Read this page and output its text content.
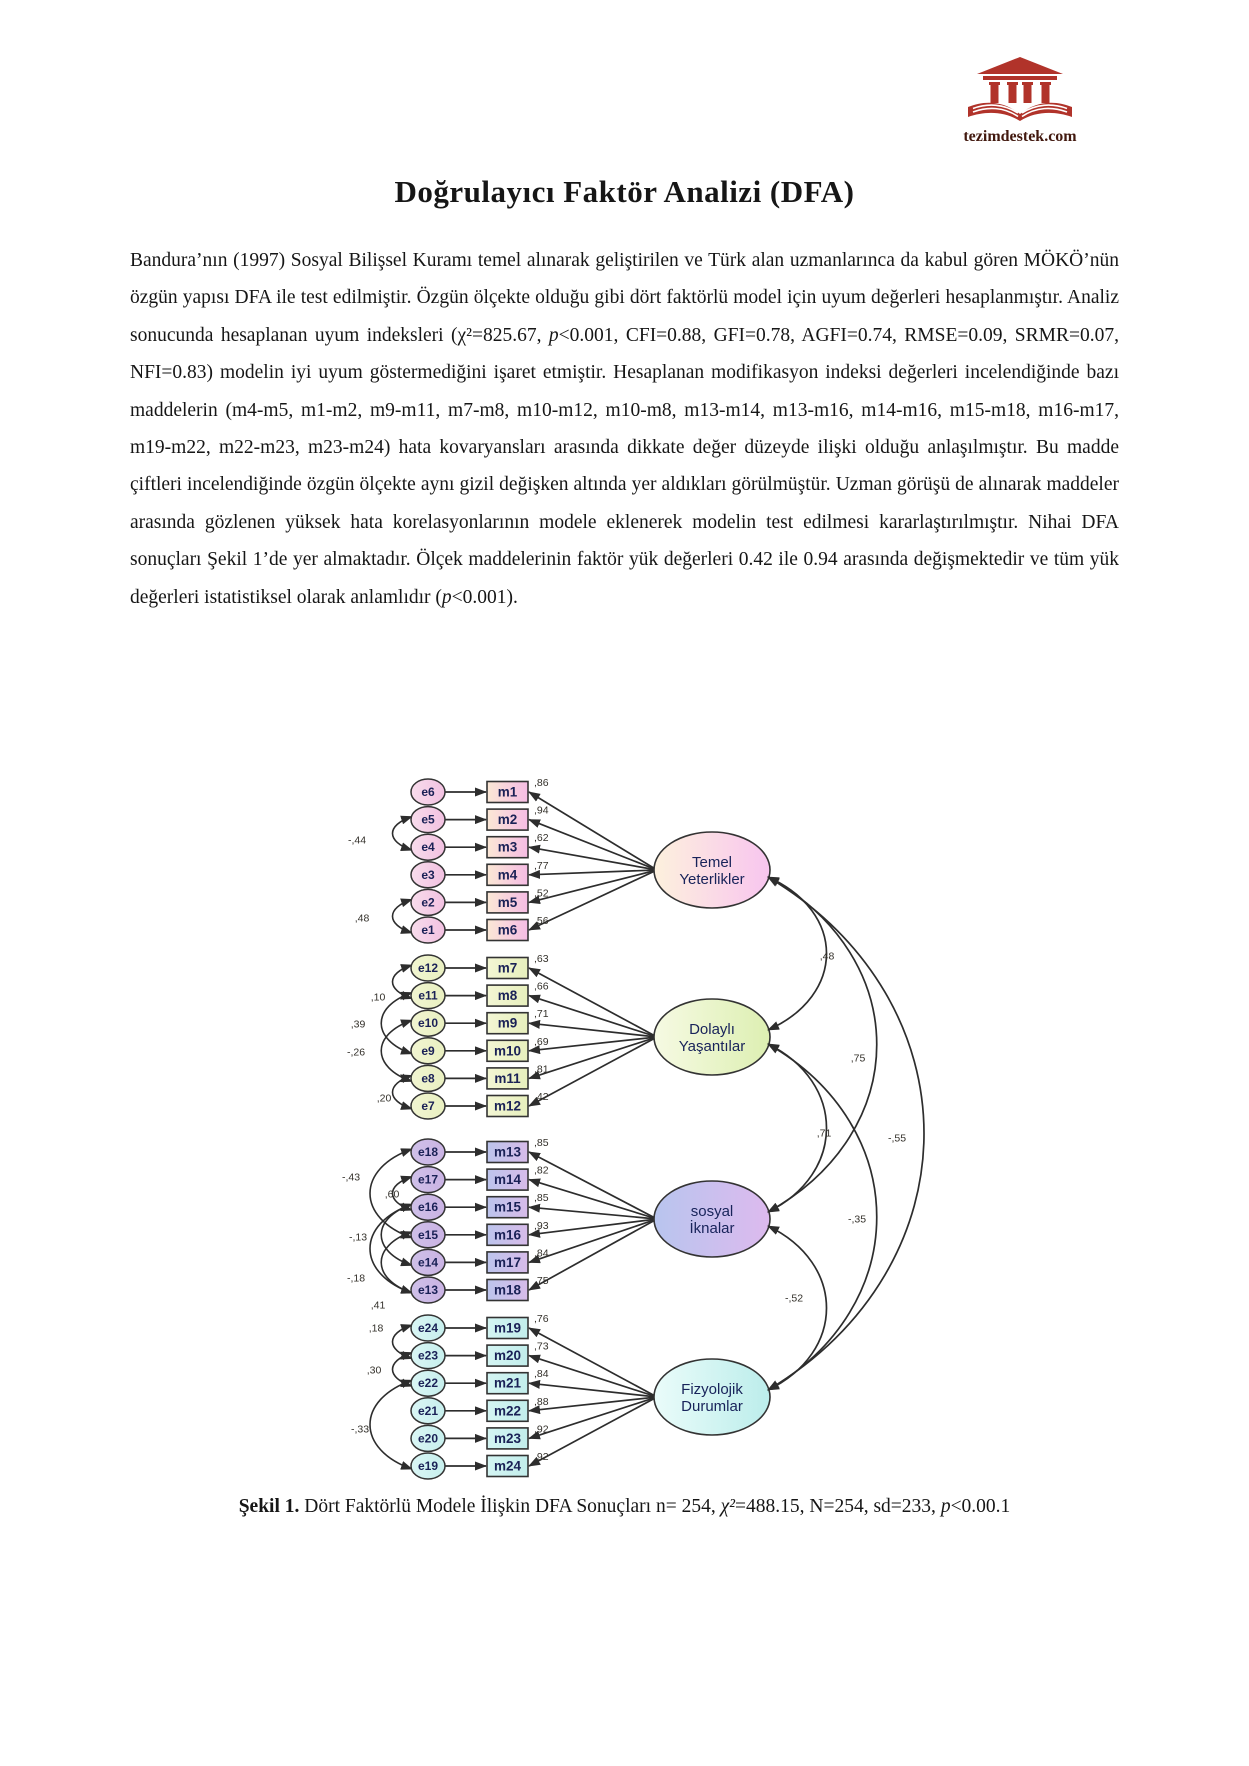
tezimdestek.com
Doğrulayıcı Faktör Analizi (DFA)

Bandura’nın (1997) Sosyal Bilişsel Kuramı temel alınarak geliştirilen ve Türk alan uzmanlarınca da kabul gören MÖKÖ’nün özgün yapısı DFA ile test edilmiştir. Özgün ölçekte olduğu gibi dört faktörlü model için uyum değerleri hesaplanmıştır. Analiz sonucunda hesaplanan uyum indeksleri (χ²=825.67, p<0.001, CFI=0.88, GFI=0.78, AGFI=0.74, RMSE=0.09, SRMR=0.07, NFI=0.83) modelin iyi uyum göstermediğini işaret etmiştir. Hesaplanan modifikasyon indeksi değerleri incelendiğinde bazı maddelerin (m4-m5, m1-m2, m9-m11, m7-m8, m10-m12, m10-m8, m13-m14, m13-m16, m14-m16, m15-m18, m16-m17, m19-m22, m22-m23, m23-m24) hata kovaryansları arasında dikkate değer düzeyde ilişki olduğu anlaşılmıştır. Bu madde çiftleri incelendiğinde özgün ölçekte aynı gizil değişken altında yer aldıkları görülmüştür. Uzman görüşü de alınarak maddeler arasında gözlenen yüksek hata korelasyonlarının modele eklenerek modelin test edilmesi kararlaştırılmıştır. Nihai DFA sonuçları Şekil 1’de yer almaktadır. Ölçek maddelerinin faktör yük değerleri 0.42 ile 0.94 arasında değişmektedir ve tüm yük değerleri istatistiksel olarak anlamlıdır (p<0.001).

-,44
,48
e6	m1
,86
e5	m2
,94
e4	m3
,62
e3	m4
,77
e2	m5
,52
e1	m6
,56
Temel Yeterlikler
,10
,39
-,26
,20
e12	m7
,63
e11	m8
,66
e10	m9
,71
e9	m10
,69
e8	m11
,81
e7	m12
,42
Dolaylı Yaşantılar
-,43
,60
-,13
-,18
,41
e18	m13
,85
e17	m14
,82
e16	m15
,85
e15	m16
,93
e14	m17
,84
e13	m18
,75
sosyal İknalar
,18
,30
-,33
e24	m19
,76
e23	m20
,73
e22	m21
,84
e21	m22
,88
e20	m23
,92
e19	m24
,92
Fizyolojik Durumlar
,48
,75
,71	-,55
-,35
-,52
Şekil 1. Dört Faktörlü Modele İlişkin DFA Sonuçları n= 254, χ²=488.15, N=254, sd=233, p<0.00.1
